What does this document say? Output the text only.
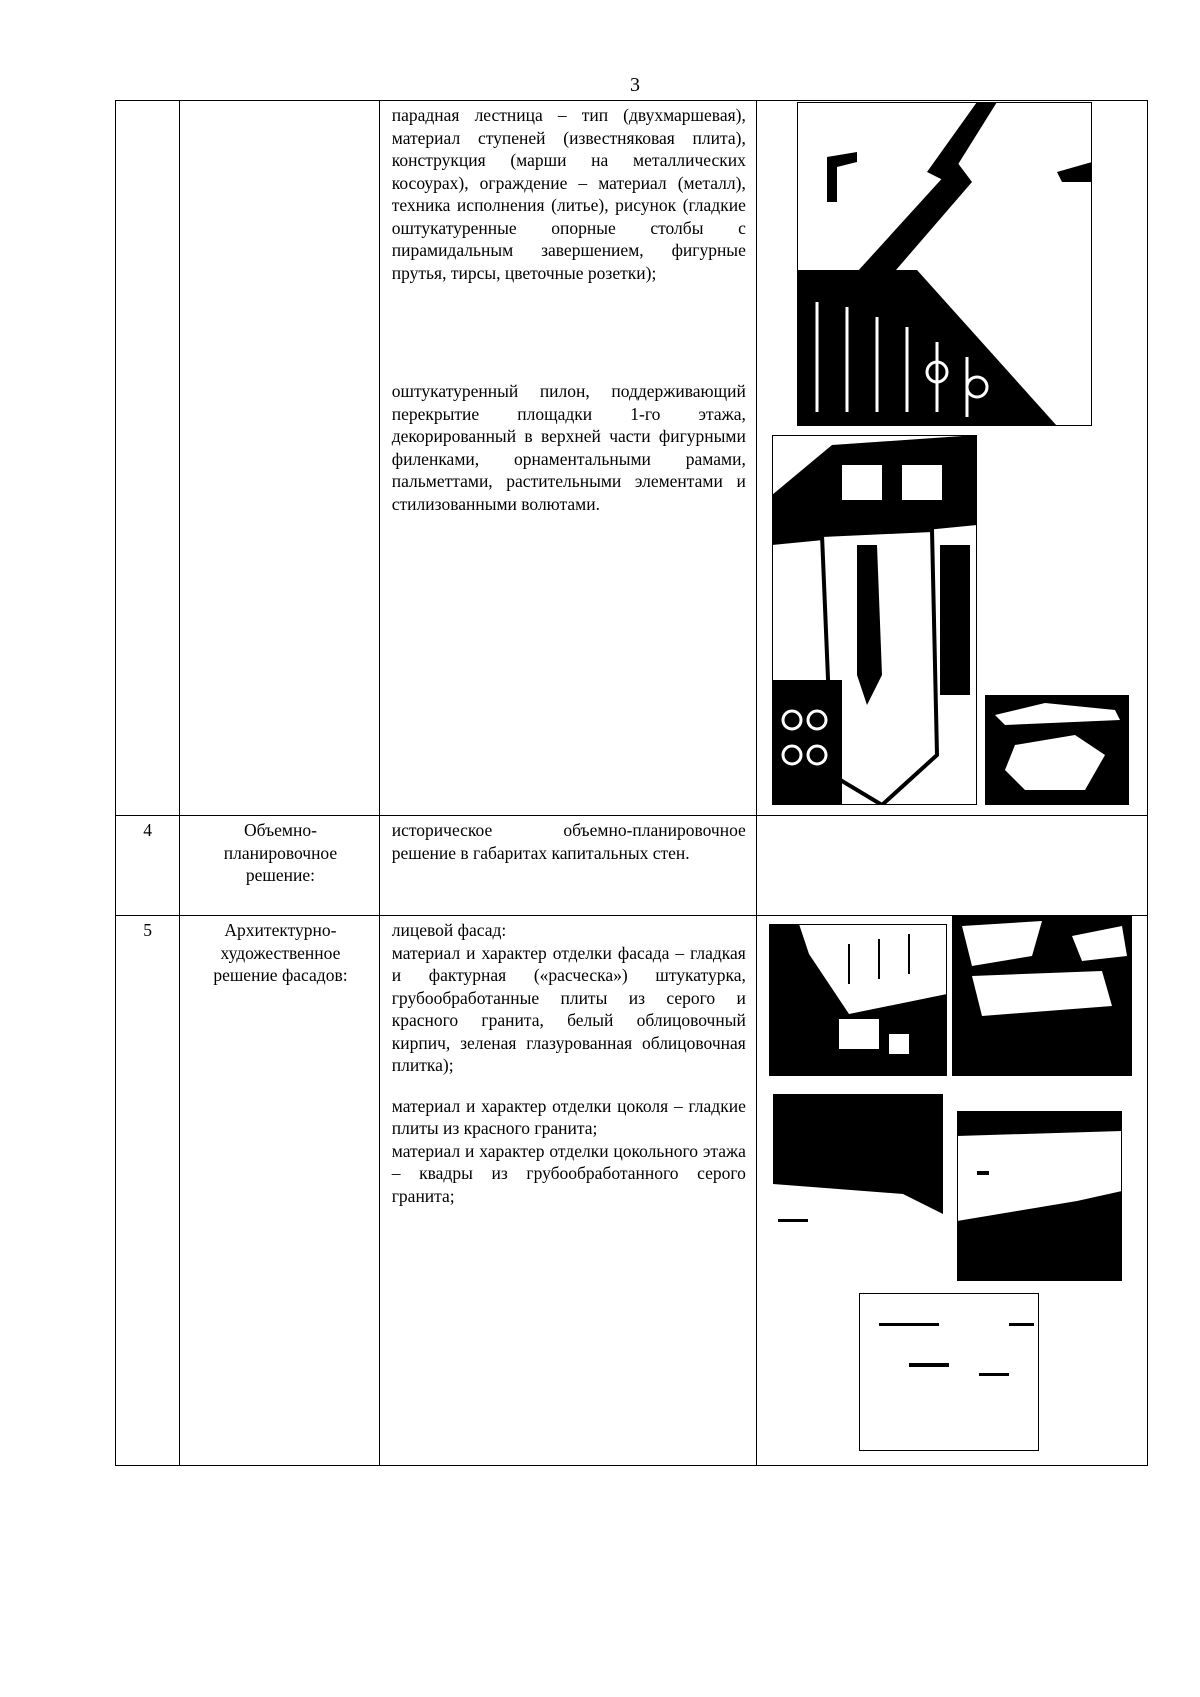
3

		парадная лестница – тип (двухмаршевая), материал ступеней (известняковая плита), конструкция (марши на металлических косоурах), ограждение – материал (металл), техника исполнения (литье), рисунок (гладкие оштукатуренные опорные столбы с пирамидальным завершением, фигурные прутья, тирсы, цветочные розетки);
оштукатуренный пилон, поддерживающий перекрытие площадки 1-го этажа, декорированный в верхней части фигурными филенками, орнаментальными рамами, пальметтами, растительными элементами и стилизованными волютами.

4	Объемно-планировочное решение:	историческое объемно-планировочное решение в габаритах капитальных стен.	

5	Архитектурно-художественное решение фасадов:	лицевой фасад:
материал и характер отделки фасада – гладкая и фактурная («расческа») штукатурка, грубообработанные плиты из серого и красного гранита, белый облицовочный кирпич, зеленая глазурованная облицовочная плитка);
материал и характер отделки цоколя – гладкие плиты из красного гранита;
материал и характер отделки цокольного этажа – квадры из грубообработанного серого гранита;
